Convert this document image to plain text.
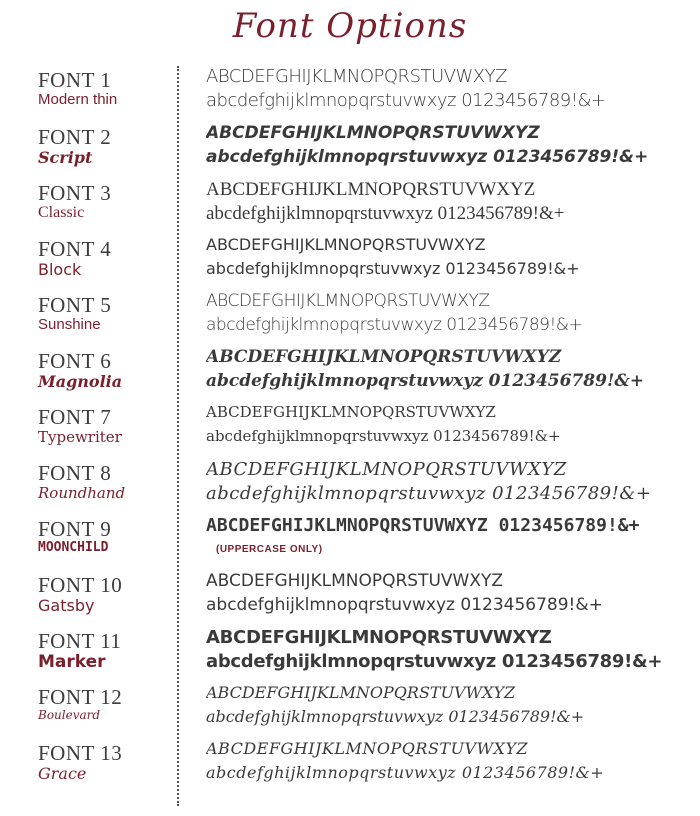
Font Options
FONT 1
Modern thin
ABCDEFGHIJKLMNOPQRSTUVWXYZ
abcdefghijklmnopqrstuvwxyz 0123456789!&+
FONT 2
Script
ABCDEFGHIJKLMNOPQRSTUVWXYZ
abcdefghijklmnopqrstuvwxyz 0123456789!&+
FONT 3
Classic
ABCDEFGHIJKLMNOPQRSTUVWXYZ
abcdefghijklmnopqrstuvwxyz 0123456789!&+
FONT 4
Block
ABCDEFGHIJKLMNOPQRSTUVWXYZ
abcdefghijklmnopqrstuvwxyz 0123456789!&+
FONT 5
Sunshine
ABCDEFGHIJKLMNOPQRSTUVWXYZ
abcdefghijklmnopqrstuvwxyz 0123456789!&+
FONT 6
Magnolia
ABCDEFGHIJKLMNOPQRSTUVWXYZ
abcdefghijklmnopqrstuvwxyz 0123456789!&+
FONT 7
Typewriter
ABCDEFGHIJKLMNOPQRSTUVWXYZ
abcdefghijklmnopqrstuvwxyz 0123456789!&+
FONT 8
Roundhand
ABCDEFGHIJKLMNOPQRSTUVWXYZ
abcdefghijklmnopqrstuvwxyz 0123456789!&+
FONT 9
MOONCHILD
ABCDEFGHIJKLMNOPQRSTUVWXYZ 0123456789!&+
(UPPERCASE ONLY)
FONT 10
Gatsby
ABCDEFGHIJKLMNOPQRSTUVWXYZ
abcdefghijklmnopqrstuvwxyz 0123456789!&+
FONT 11
Marker
ABCDEFGHIJKLMNOPQRSTUVWXYZ
abcdefghijklmnopqrstuvwxyz 0123456789!&+
FONT 12
Boulevard
ABCDEFGHIJKLMNOPQRSTUVWXYZ
abcdefghijklmnopqrstuvwxyz 0123456789!&+
FONT 13
Grace
ABCDEFGHIJKLMNOPQRSTUVWXYZ
abcdefghijklmnopqrstuvwxyz 0123456789!&+
